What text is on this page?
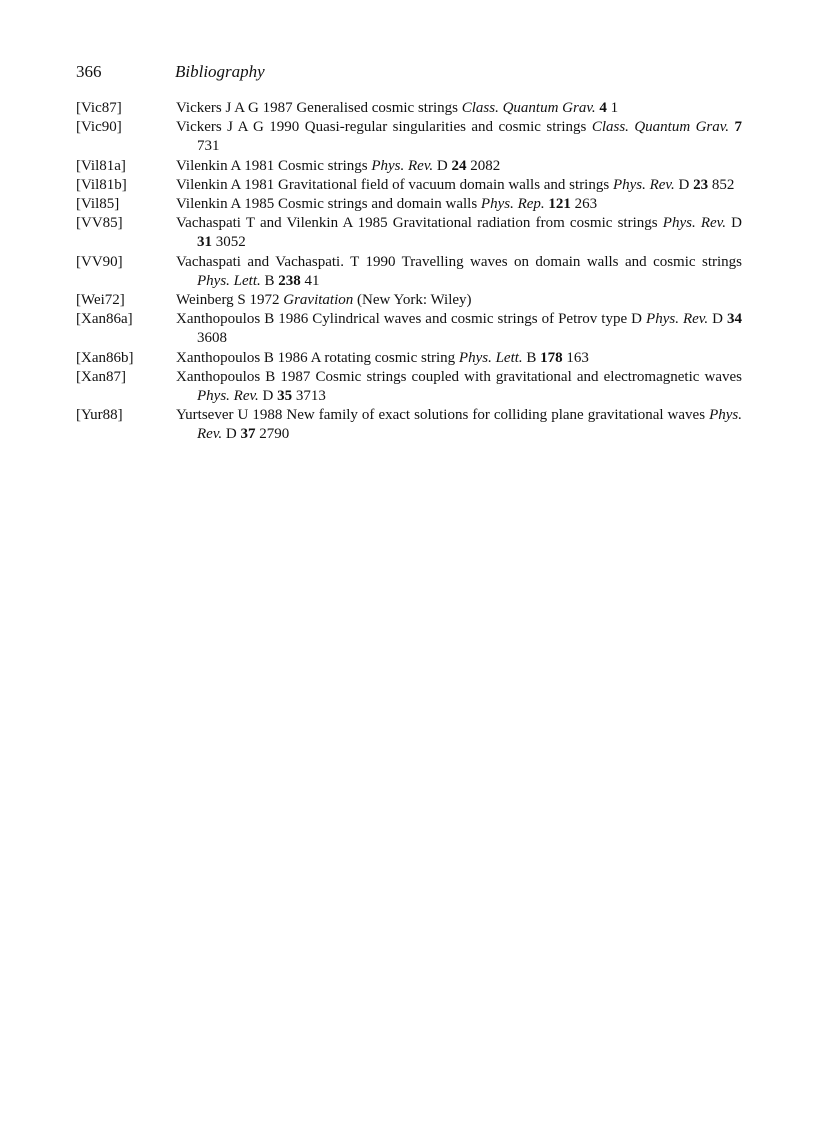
366	Bibliography
[Vic87]	Vickers J A G 1987 Generalised cosmic strings Class. Quantum Grav. 4 1
[Vic90]	Vickers J A G 1990 Quasi-regular singularities and cosmic strings Class. Quantum Grav. 7 731
[Vil81a]	Vilenkin A 1981 Cosmic strings Phys. Rev. D 24 2082
[Vil81b]	Vilenkin A 1981 Gravitational field of vacuum domain walls and strings Phys. Rev. D 23 852
[Vil85]	Vilenkin A 1985 Cosmic strings and domain walls Phys. Rep. 121 263
[VV85]	Vachaspati T and Vilenkin A 1985 Gravitational radiation from cosmic strings Phys. Rev. D 31 3052
[VV90]	Vachaspati and Vachaspati. T 1990 Travelling waves on domain walls and cosmic strings Phys. Lett. B 238 41
[Wei72]	Weinberg S 1972 Gravitation (New York: Wiley)
[Xan86a]	Xanthopoulos B 1986 Cylindrical waves and cosmic strings of Petrov type D Phys. Rev. D 34 3608
[Xan86b]	Xanthopoulos B 1986 A rotating cosmic string Phys. Lett. B 178 163
[Xan87]	Xanthopoulos B 1987 Cosmic strings coupled with gravitational and electromagnetic waves Phys. Rev. D 35 3713
[Yur88]	Yurtsever U 1988 New family of exact solutions for colliding plane gravitational waves Phys. Rev. D 37 2790
